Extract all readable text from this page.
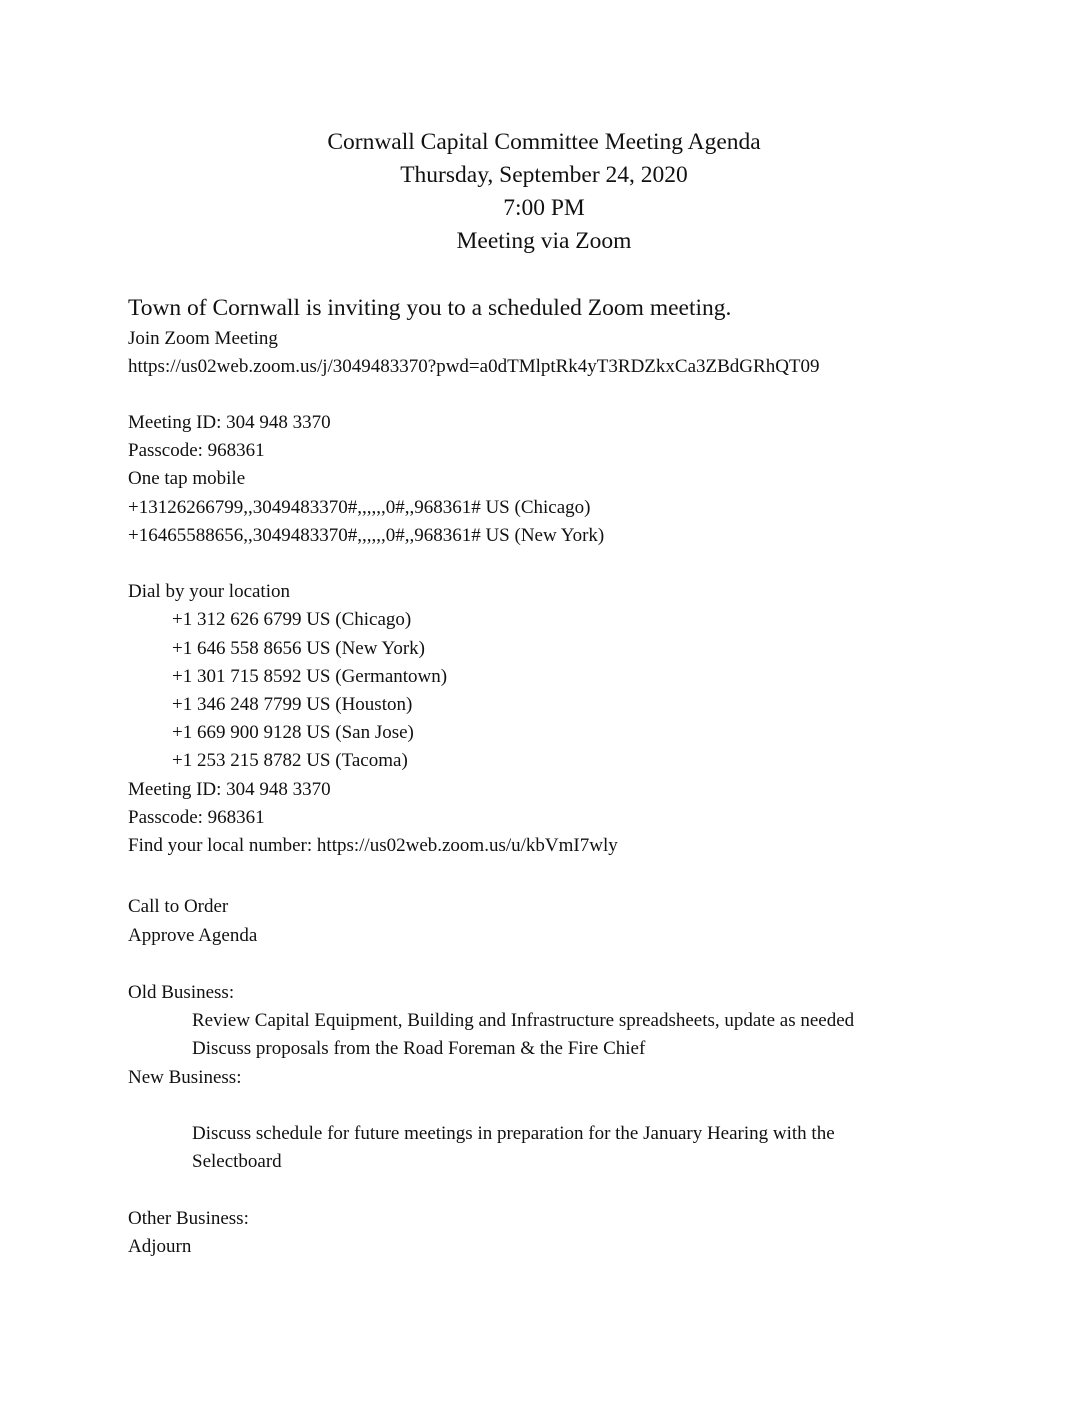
Cornwall Capital Committee Meeting Agenda
Thursday, September 24, 2020
7:00 PM
Meeting via Zoom
Town of Cornwall is inviting you to a scheduled Zoom meeting.
Join Zoom Meeting
https://us02web.zoom.us/j/3049483370?pwd=a0dTMlptRk4yT3RDZkxCa3ZBdGRhQT09
Meeting ID: 304 948 3370
Passcode: 968361
One tap mobile
+13126266799,,3049483370#,,,,,,0#,,968361# US (Chicago)
+16465588656,,3049483370#,,,,,,0#,,968361# US (New York)
Dial by your location
+1 312 626 6799 US (Chicago)
+1 646 558 8656 US (New York)
+1 301 715 8592 US (Germantown)
+1 346 248 7799 US (Houston)
+1 669 900 9128 US (San Jose)
+1 253 215 8782 US (Tacoma)
Meeting ID: 304 948 3370
Passcode: 968361
Find your local number: https://us02web.zoom.us/u/kbVmI7wly
Call to Order
Approve Agenda
Old Business:
Review Capital Equipment, Building and Infrastructure spreadsheets, update as needed
Discuss proposals from the Road Foreman & the Fire Chief
New Business:
Discuss schedule for future meetings in preparation for the January Hearing with the
Selectboard
Other Business:
Adjourn
